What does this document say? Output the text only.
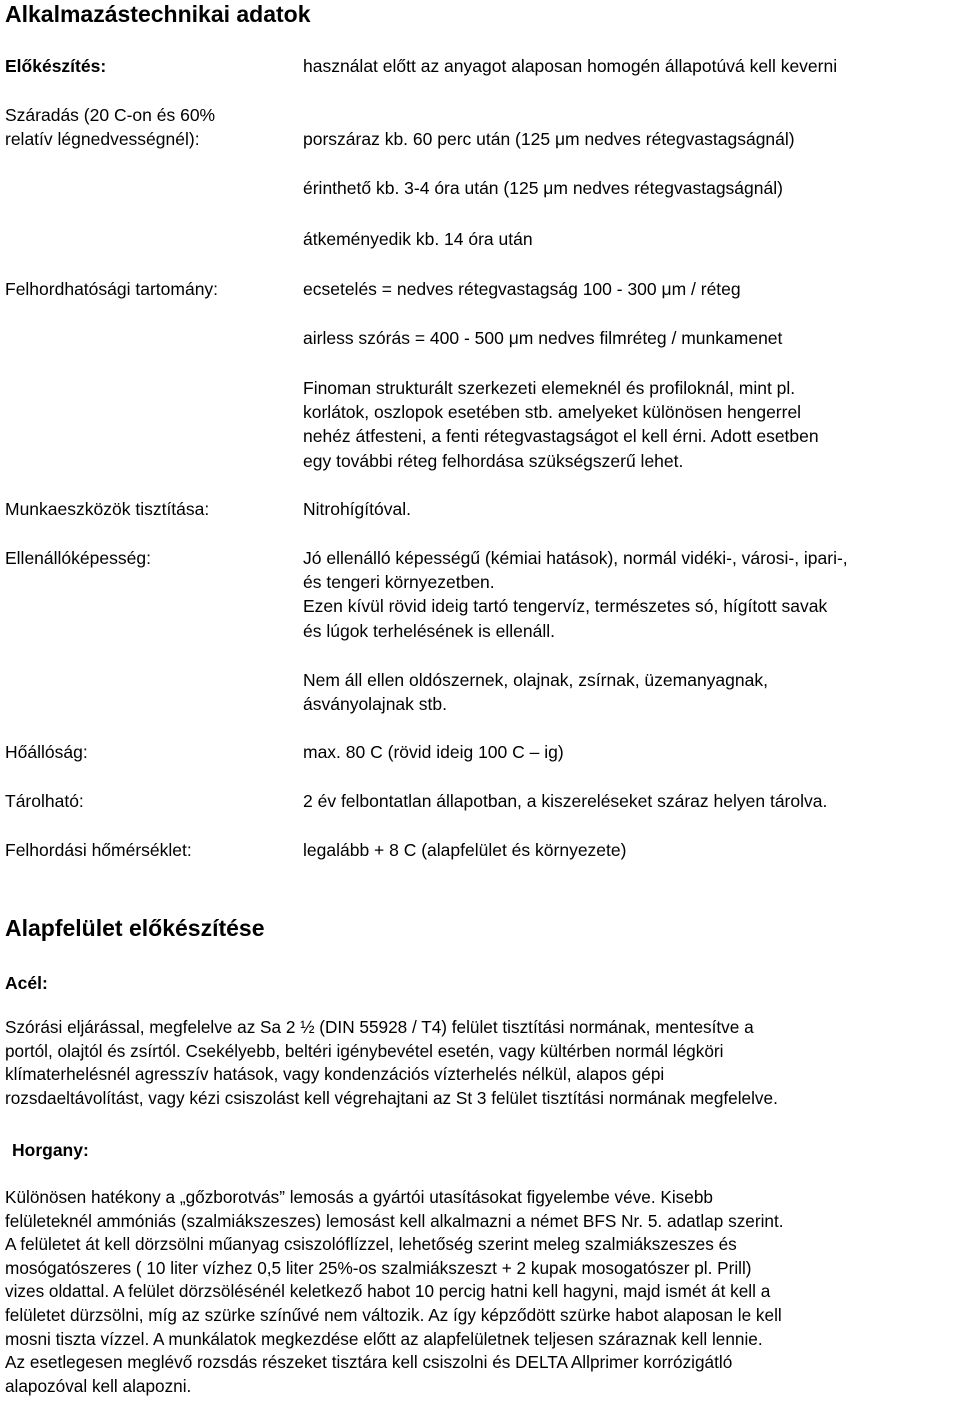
Alkalmazástechnikai adatok
Előkészítés:	használat előtt az anyagot alaposan homogén állapotúvá kell keverni
Száradás (20 C-on és 60%
relatív légnedvességnél):	porszáraz kb. 60 perc után (125 μm nedves rétegvastagságnál)
érinthető kb. 3-4 óra után (125 μm nedves rétegvastagságnál)
átkeményedik kb. 14 óra után
Felhordhatósági tartomány:	ecsetelés = nedves rétegvastagság 100 - 300 μm / réteg
airless szórás = 400 - 500 μm nedves filmréteg / munkamenet
Finoman strukturált szerkezeti elemeknél és profiloknál, mint pl.
korlátok, oszlopok esetében stb. amelyeket különösen hengerrel
nehéz átfesteni, a fenti rétegvastagságot el kell érni. Adott esetben
egy további réteg felhordása szükségszerű lehet.
Munkaeszközök tisztítása:	Nitrohígítóval.
Ellenállóképesség:	Jó ellenálló képességű (kémiai hatások), normál vidéki-, városi-, ipari-,
és tengeri környezetben.
Ezen kívül rövid ideig tartó tengervíz, természetes só, hígított savak
és lúgok terhelésének is ellenáll.
Nem áll ellen oldószernek, olajnak, zsírnak, üzemanyagnak,
ásványolajnak stb.
Hőállóság:	max. 80 C (rövid ideig 100 C – ig)
Tárolható:	2 év felbontatlan állapotban, a kiszereléseket száraz helyen tárolva.
Felhordási hőmérséklet:	legalább + 8 C (alapfelület és környezete)
Alapfelület előkészítése
Acél:
Szórási eljárással, megfelelve az Sa 2 ½ (DIN 55928 / T4) felület tisztítási normának, mentesítve a
portól, olajtól és zsírtól. Csekélyebb, beltéri igénybevétel esetén, vagy kültérben normál légköri
klímaterhelésnél agresszív hatások, vagy kondenzációs vízterhelés nélkül, alapos gépi
rozsdaeltávolítást, vagy kézi csiszolást kell végrehajtani az St 3 felület tisztítási normának megfelelve.
Horgany:
Különösen hatékony a „gőzborotvás” lemosás a gyártói utasításokat figyelembe véve. Kisebb
felületeknél ammóniás (szalmiákszeszes) lemosást kell alkalmazni a német BFS Nr. 5. adatlap szerint.
A felületet át kell dörzsölni műanyag csiszolóflízzel, lehetőség szerint meleg szalmiákszeszes és
mosógatószeres ( 10 liter vízhez 0,5 liter 25%-os szalmiákszeszt + 2 kupak mosogatószer pl. Prill)
vizes oldattal. A felület dörzsölésénél keletkező habot 10 percig hatni kell hagyni, majd ismét át kell a
felületet dürzsölni, míg az szürke színűvé nem változik. Az így képződött szürke habot alaposan le kell
mosni tiszta vízzel. A munkálatok megkezdése előtt az alapfelületnek teljesen száraznak kell lennie.
Az esetlegesen meglévő rozsdás részeket tisztára kell csiszolni és DELTA Allprimer korrózigátló
alapozóval kell alapozni.
